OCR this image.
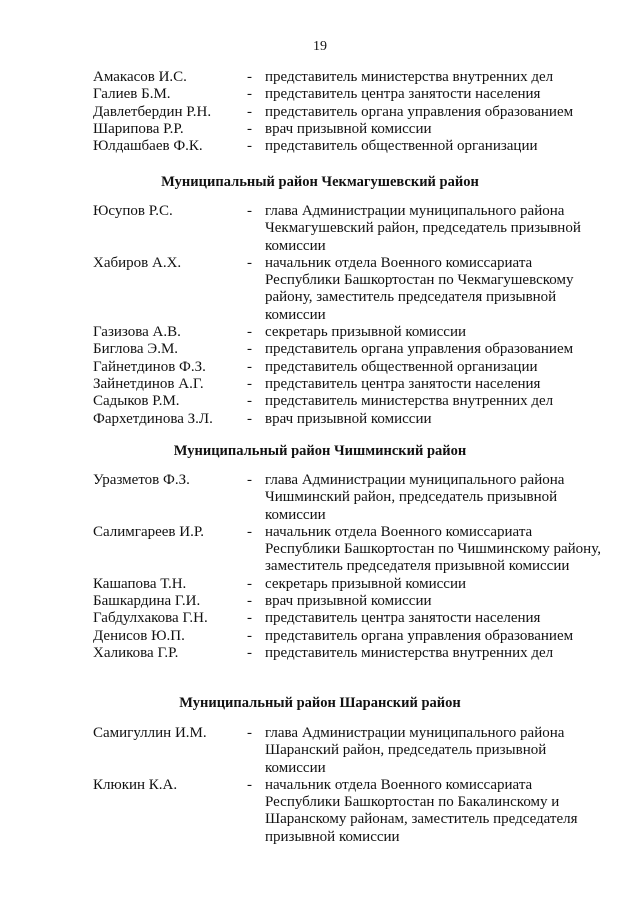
19
Амакасов И.С.	- представитель министерства внутренних дел
Галиев Б.М.	- представитель центра занятости населения
Давлетбердин Р.Н.	- представитель органа управления образованием
Шарипова Р.Р.	- врач призывной комиссии
Юлдашбаев Ф.К.	- представитель общественной организации
Муниципальный район Чекмагушевский район
Юсупов Р.С.	- глава Администрации муниципального района Чекмагушевский район, председатель призывной комиссии
Хабиров А.Х.	- начальник отдела Военного комиссариата Республики Башкортостан по Чекмагушевскому району, заместитель председателя призывной комиссии
Газизова А.В.	- секретарь призывной комиссии
Биглова Э.М.	- представитель органа управления образованием
Гайнетдинов Ф.З.	- представитель общественной организации
Зайнетдинов А.Г.	- представитель центра занятости населения
Садыков Р.М.	- представитель министерства внутренних дел
Фархетдинова З.Л.	- врач призывной комиссии
Муниципальный район Чишминский район
Уразметов Ф.З.	- глава Администрации муниципального района Чишминский район, председатель призывной комиссии
Салимгареев И.Р.	- начальник отдела Военного комиссариата Республики Башкортостан по Чишминскому району, заместитель председателя призывной комиссии
Кашапова Т.Н.	- секретарь призывной комиссии
Башкардина Г.И.	- врач призывной комиссии
Габдулхакова Г.Н.	- представитель центра занятости населения
Денисов Ю.П.	- представитель органа управления образованием
Халикова Г.Р.	- представитель министерства внутренних дел
Муниципальный район Шаранский район
Самигуллин И.М.	- глава Администрации муниципального района Шаранский район, председатель призывной комиссии
Клюкин К.А.	- начальник отдела Военного комиссариата Республики Башкортостан по Бакалинскому и Шаранскому районам, заместитель председателя призывной комиссии
